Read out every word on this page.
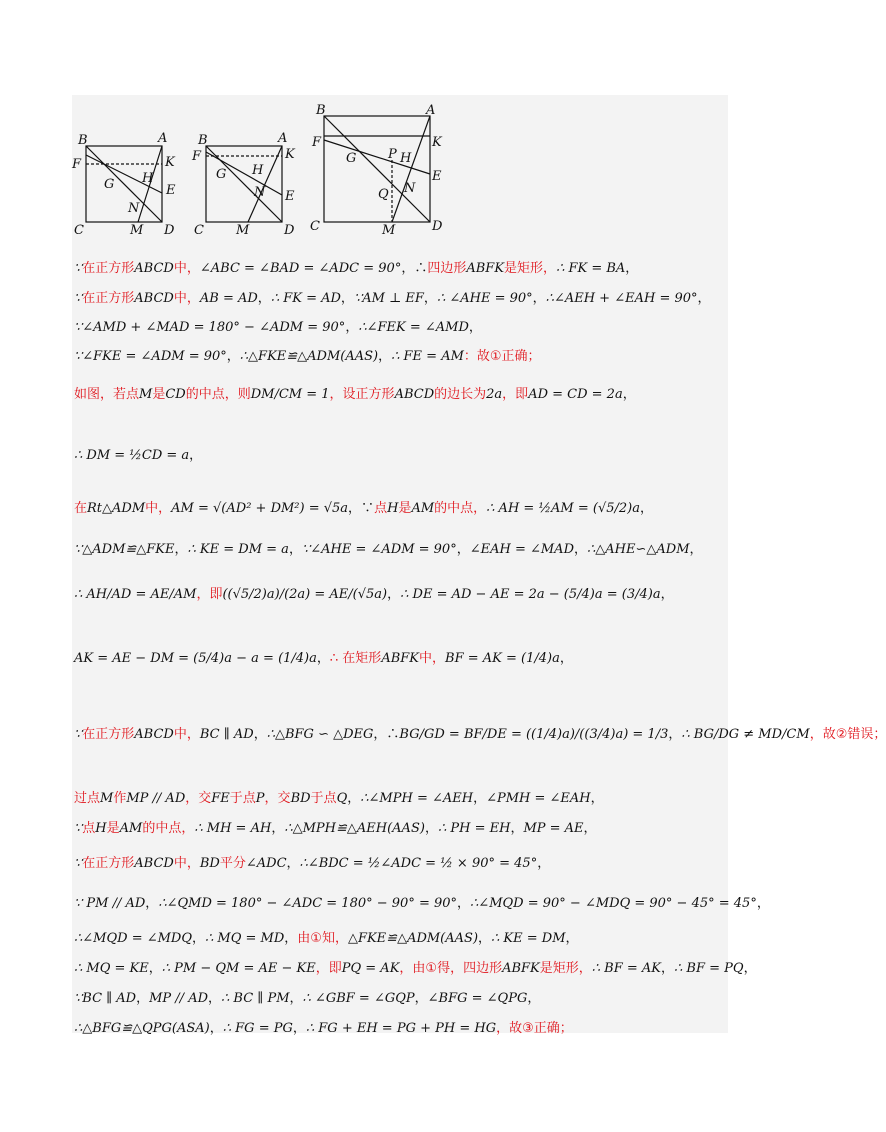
B	A
F	K
G H
E
N
C	M D
B	A
F	K
G H
N E
C M	D
B	A
F	K
G P H
E
Q N
C	M	D
∵在正方形ABCD中，∠ABC = ∠BAD = ∠ADC = 90°，∴四边形ABFK是矩形，∴ FK = BA，
∵在正方形ABCD中，AB = AD，∴ FK = AD，∵AM ⊥ EF，∴ ∠AHE = 90°，∴∠AEH + ∠EAH = 90°，
∵∠AMD + ∠MAD = 180° − ∠ADM = 90°，∴∠FEK = ∠AMD，
∵∠FKE = ∠ADM = 90°，∴△FKE≌△ADM(AAS)，∴ FE = AM：故①正确；
如图，若点M是CD的中点，则DM/CM = 1，设正方形ABCD的边长为2a，即AD = CD = 2a，
∴ DM = ½CD = a，
在Rt△ADM中，AM = √(AD² + DM²) = √5a，∵点H是AM的中点，∴ AH = ½AM = (√5/2)a，
∵△ADM≌△FKE，∴ KE = DM = a，∵∠AHE = ∠ADM = 90°，∠EAH = ∠MAD，∴△AHE∽△ADM，
∴ AH/AD = AE/AM，即((√5/2)a)/(2a) = AE/(√5a)，∴ DE = AD − AE = 2a − (5/4)a = (3/4)a，
AK = AE − DM = (5/4)a − a = (1/4)a，∴ 在矩形ABFK中，BF = AK = (1/4)a，
∵在正方形ABCD中，BC ∥ AD，∴△BFG ∽ △DEG，∴BG/GD = BF/DE = ((1/4)a)/((3/4)a) = 1/3，∴ BG/DG ≠ MD/CM，故②错误；
过点M作MP // AD，交FE于点P，交BD于点Q，∴∠MPH = ∠AEH，∠PMH = ∠EAH，
∵点H是AM的中点，∴ MH = AH，∴△MPH≌△AEH(AAS)，∴ PH = EH，MP = AE，
∵在正方形ABCD中，BD平分∠ADC，∴∠BDC = ½∠ADC = ½ × 90° = 45°，
∵ PM // AD，∴∠QMD = 180° − ∠ADC = 180° − 90° = 90°，∴∠MQD = 90° − ∠MDQ = 90° − 45° = 45°，
∴∠MQD = ∠MDQ，∴ MQ = MD，由①知，△FKE≌△ADM(AAS)，∴ KE = DM，
∴ MQ = KE，∴ PM − QM = AE − KE，即PQ = AK，由①得，四边形ABFK是矩形，∴ BF = AK，∴ BF = PQ，
∵BC ∥ AD，MP // AD，∴ BC ∥ PM，∴ ∠GBF = ∠GQP，∠BFG = ∠QPG，
∴△BFG≌△QPG(ASA)，∴ FG = PG，∴ FG + EH = PG + PH = HG，故③正确；
